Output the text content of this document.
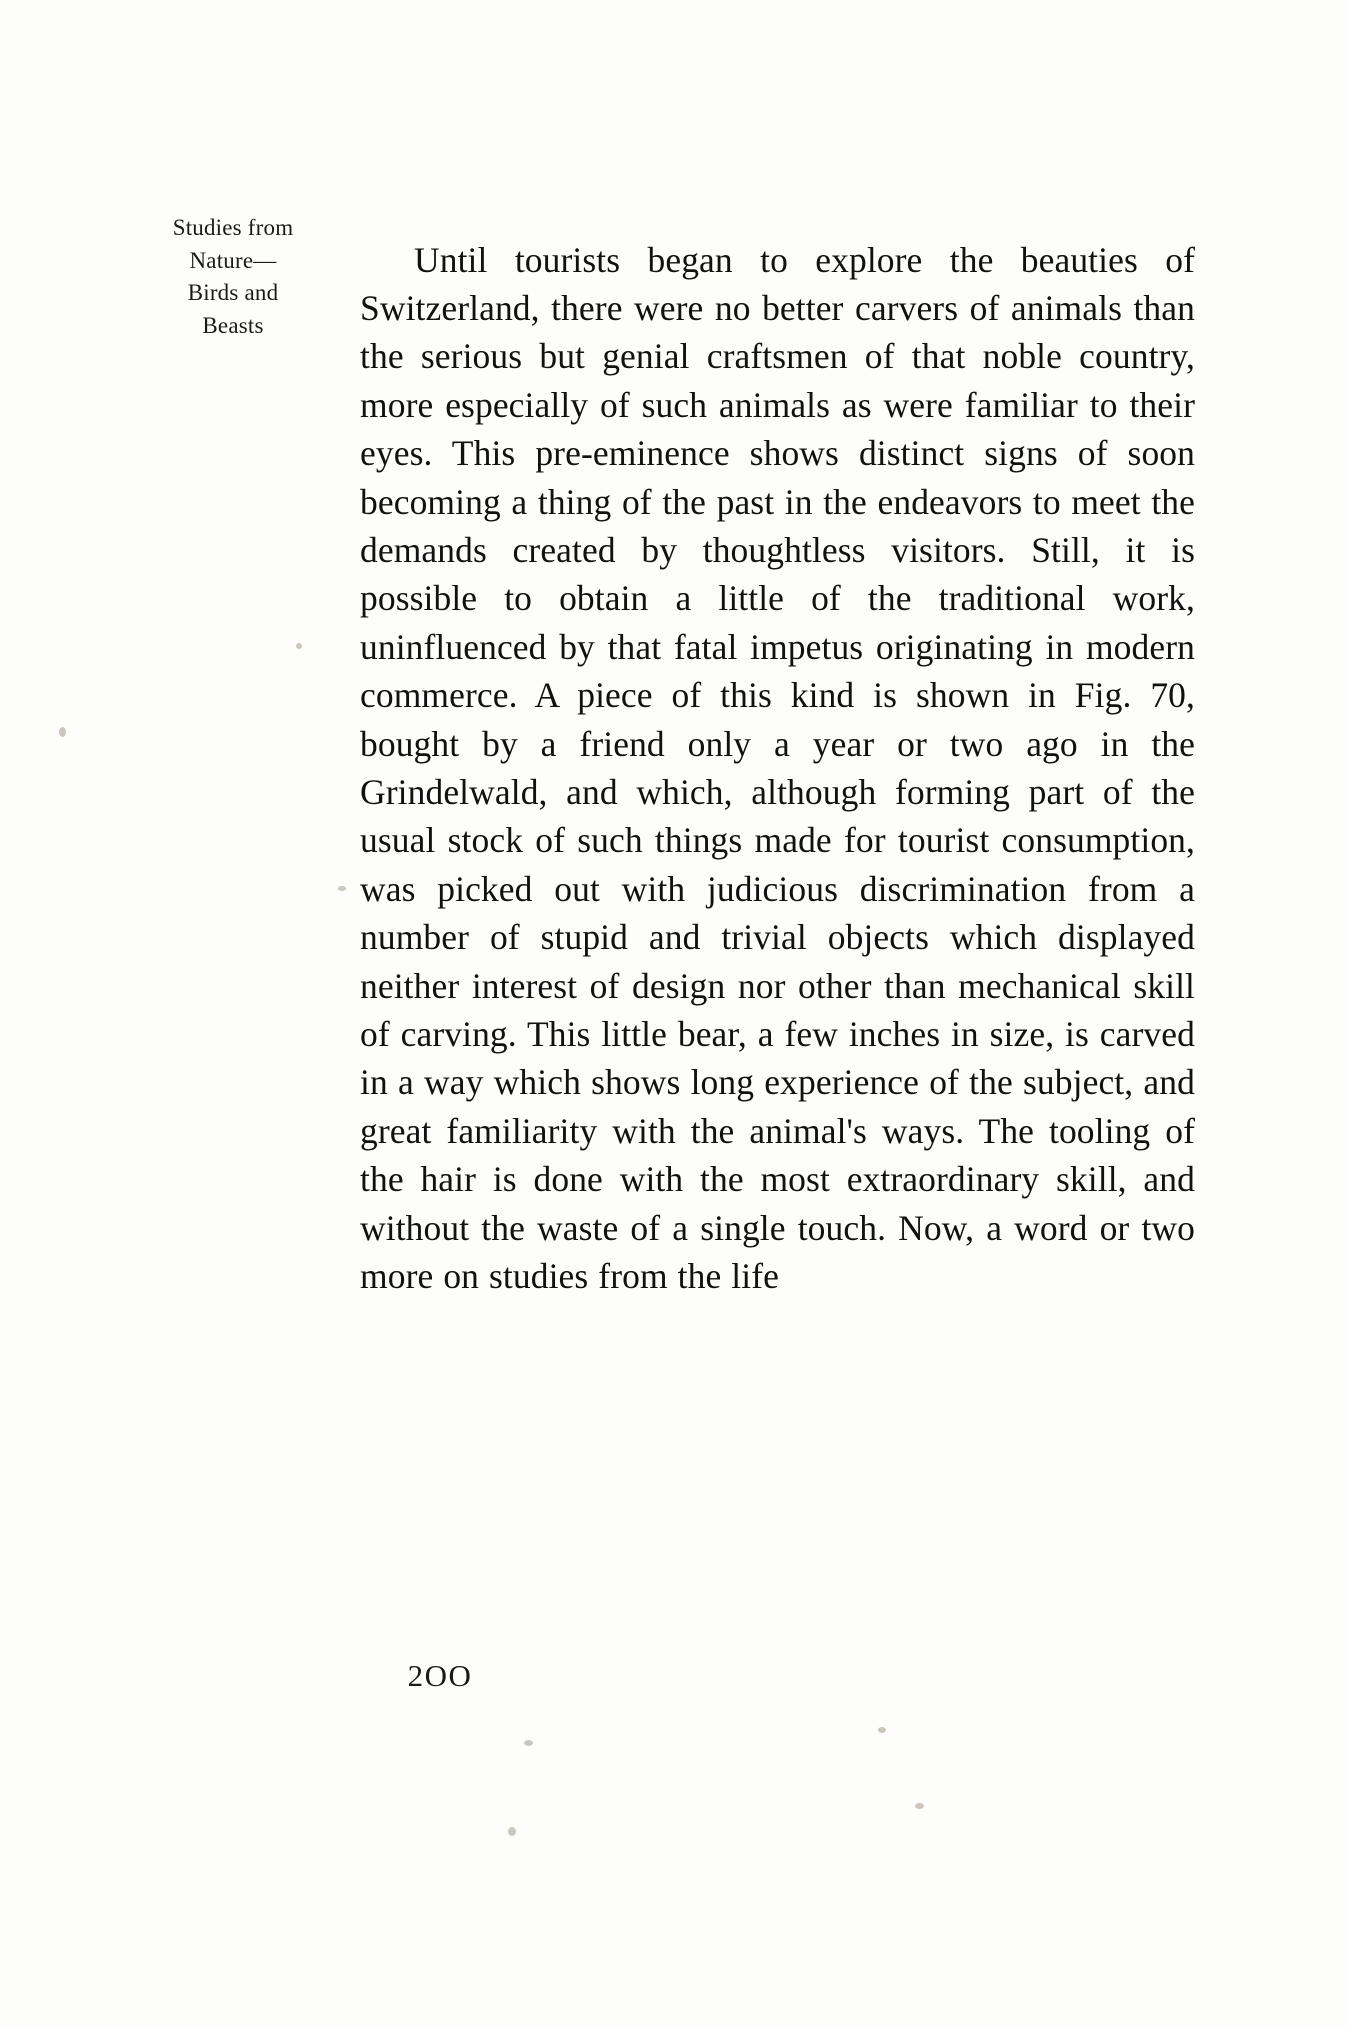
Studies from
Nature—
Birds and
Beasts

Until tourists began to explore the beauties of Switzerland, there were no better carvers of animals than the serious but genial craftsmen of that noble country, more especially of such animals as were familiar to their eyes. This pre-eminence shows distinct signs of soon becoming a thing of the past in the endeavors to meet the demands created by thoughtless visitors. Still, it is possible to obtain a little of the traditional work, uninfluenced by that fatal impetus originating in modern commerce. A piece of this kind is shown in Fig. 70, bought by a friend only a year or two ago in the Grindelwald, and which, although forming part of the usual stock of such things made for tourist consumption, was picked out with judicious discrimination from a number of stupid and trivial objects which displayed neither interest of design nor other than mechanical skill of carving. This little bear, a few inches in size, is carved in a way which shows long experience of the subject, and great familiarity with the animal's ways. The tooling of the hair is done with the most extraordinary skill, and without the waste of a single touch. Now, a word or two more on studies from the life

2OO
